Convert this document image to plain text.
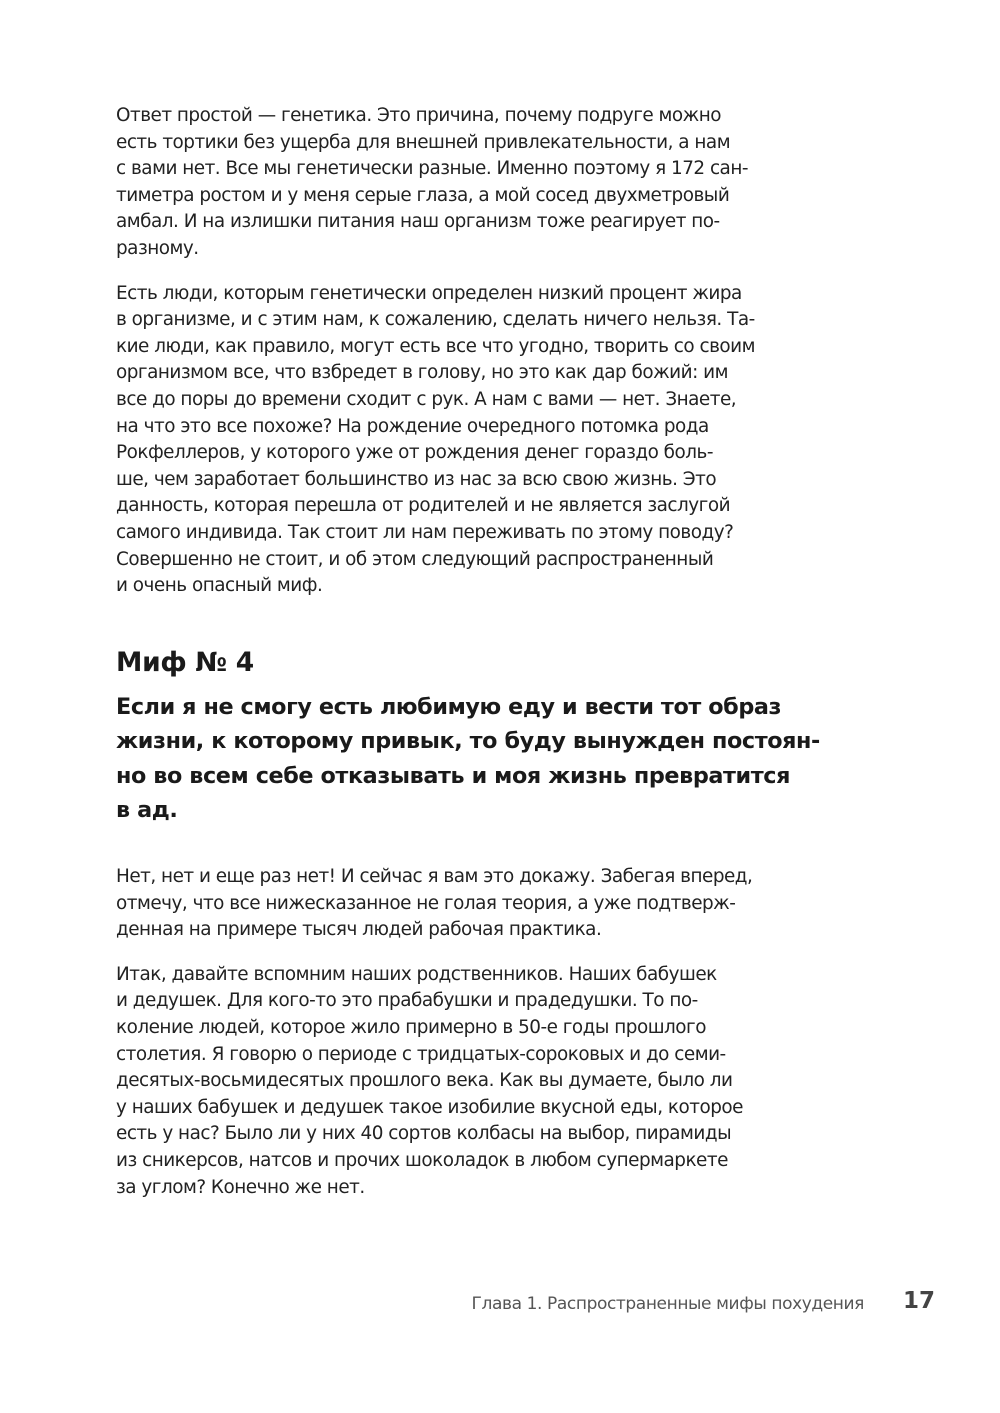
Ответ простой — генетика. Это причина, почему подруге можно
есть тортики без ущерба для внешней привлекательности, а нам
с вами нет. Все мы генетически разные. Именно поэтому я 172 сан-
тиметра ростом и у меня серые глаза, а мой сосед двухметровый
амбал. И на излишки питания наш организм тоже реагирует по-
разному.

Есть люди, которым генетически определен низкий процент жира
в организме, и с этим нам, к сожалению, сделать ничего нельзя. Та-
кие люди, как правило, могут есть все что угодно, творить со своим
организмом все, что взбредет в голову, но это как дар божий: им
все до поры до времени сходит с рук. А нам с вами — нет. Знаете,
на что это все похоже? На рождение очередного потомка рода
Рокфеллеров, у которого уже от рождения денег гораздо боль-
ше, чем заработает большинство из нас за всю свою жизнь. Это
данность, которая перешла от родителей и не является заслугой
самого индивида. Так стоит ли нам переживать по этому поводу?
Совершенно не стоит, и об этом следующий распространенный
и очень опасный миф.

Миф № 4
Если я не смогу есть любимую еду и вести тот образ
жизни, к которому привык, то буду вынужден постоян-
но во всем себе отказывать и моя жизнь превратится
в ад.

Нет, нет и еще раз нет! И сейчас я вам это докажу. Забегая вперед,
отмечу, что все нижесказанное не голая теория, а уже подтверж-
денная на примере тысяч людей рабочая практика.

Итак, давайте вспомним наших родственников. Наших бабушек
и дедушек. Для кого-то это прабабушки и прадедушки. То по-
коление людей, которое жило примерно в 50-е годы прошлого
столетия. Я говорю о периоде с тридцатых-сороковых и до семи-
десятых-восьмидесятых прошлого века. Как вы думаете, было ли
у наших бабушек и дедушек такое изобилие вкусной еды, которое
есть у нас? Было ли у них 40 сортов колбасы на выбор, пирамиды
из сникерсов, натсов и прочих шоколадок в любом супермаркете
за углом? Конечно же нет.

Глава 1. Распространенные мифы похудения 17
